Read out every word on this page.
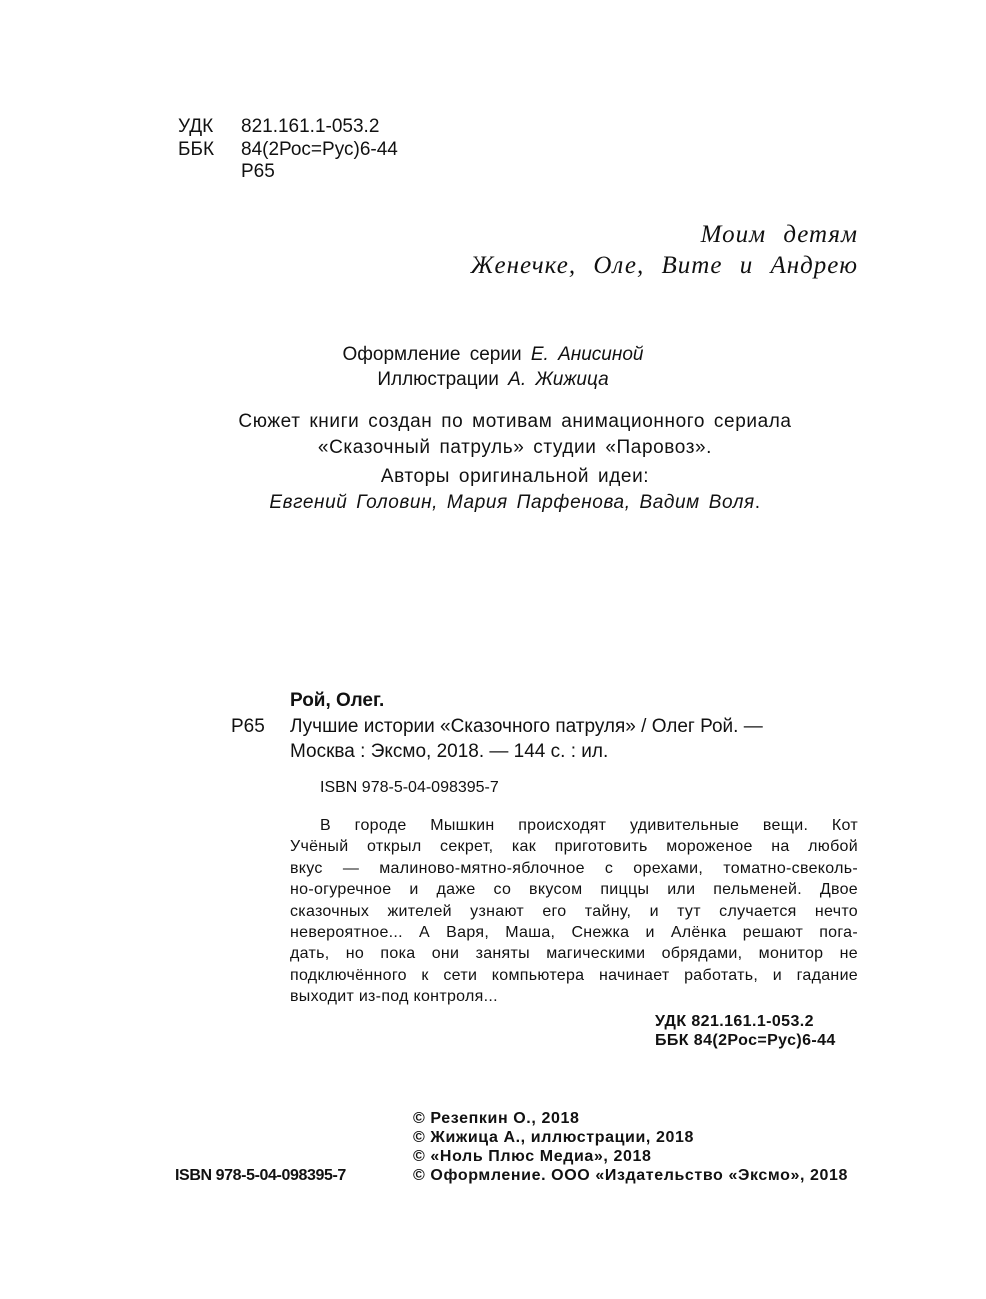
УДК 821.161.1-053.2
ББК 84(2Рос=Рус)6-44
Р65
Моим детям
Женечке, Оле, Вите и Андрею
Оформление серии Е. Анисиной
Иллюстрации А. Жижица
Сюжет книги создан по мотивам анимационного сериала
«Сказочный патруль» студии «Паровоз».
Авторы оригинальной идеи:
Евгений Головин, Мария Парфенова, Вадим Воля.
Рой, Олег.
Р65 Лучшие истории «Сказочного патруля» / Олег Рой. —
Москва : Эксмо, 2018. — 144 с. : ил.
ISBN 978-5-04-098395-7
В городе Мышкин происходят удивительные вещи. Кот
Учёный открыл секрет, как приготовить мороженое на любой
вкус — малиново-мятно-яблочное с орехами, томатно-свеколь-
но-огуречное и даже со вкусом пиццы или пельменей. Двое
сказочных жителей узнают его тайну, и тут случается нечто
невероятное... А Варя, Маша, Снежка и Алёнка решают пога-
дать, но пока они заняты магическими обрядами, монитор не
подключённого к сети компьютера начинает работать, и гадание
выходит из-под контроля...
УДК 821.161.1-053.2
ББК 84(2Рос=Рус)6-44
© Резепкин О., 2018
© Жижица А., иллюстрации, 2018
© «Ноль Плюс Медиа», 2018
© Оформление. ООО «Издательство «Эксмо», 2018
ISBN 978-5-04-098395-7
